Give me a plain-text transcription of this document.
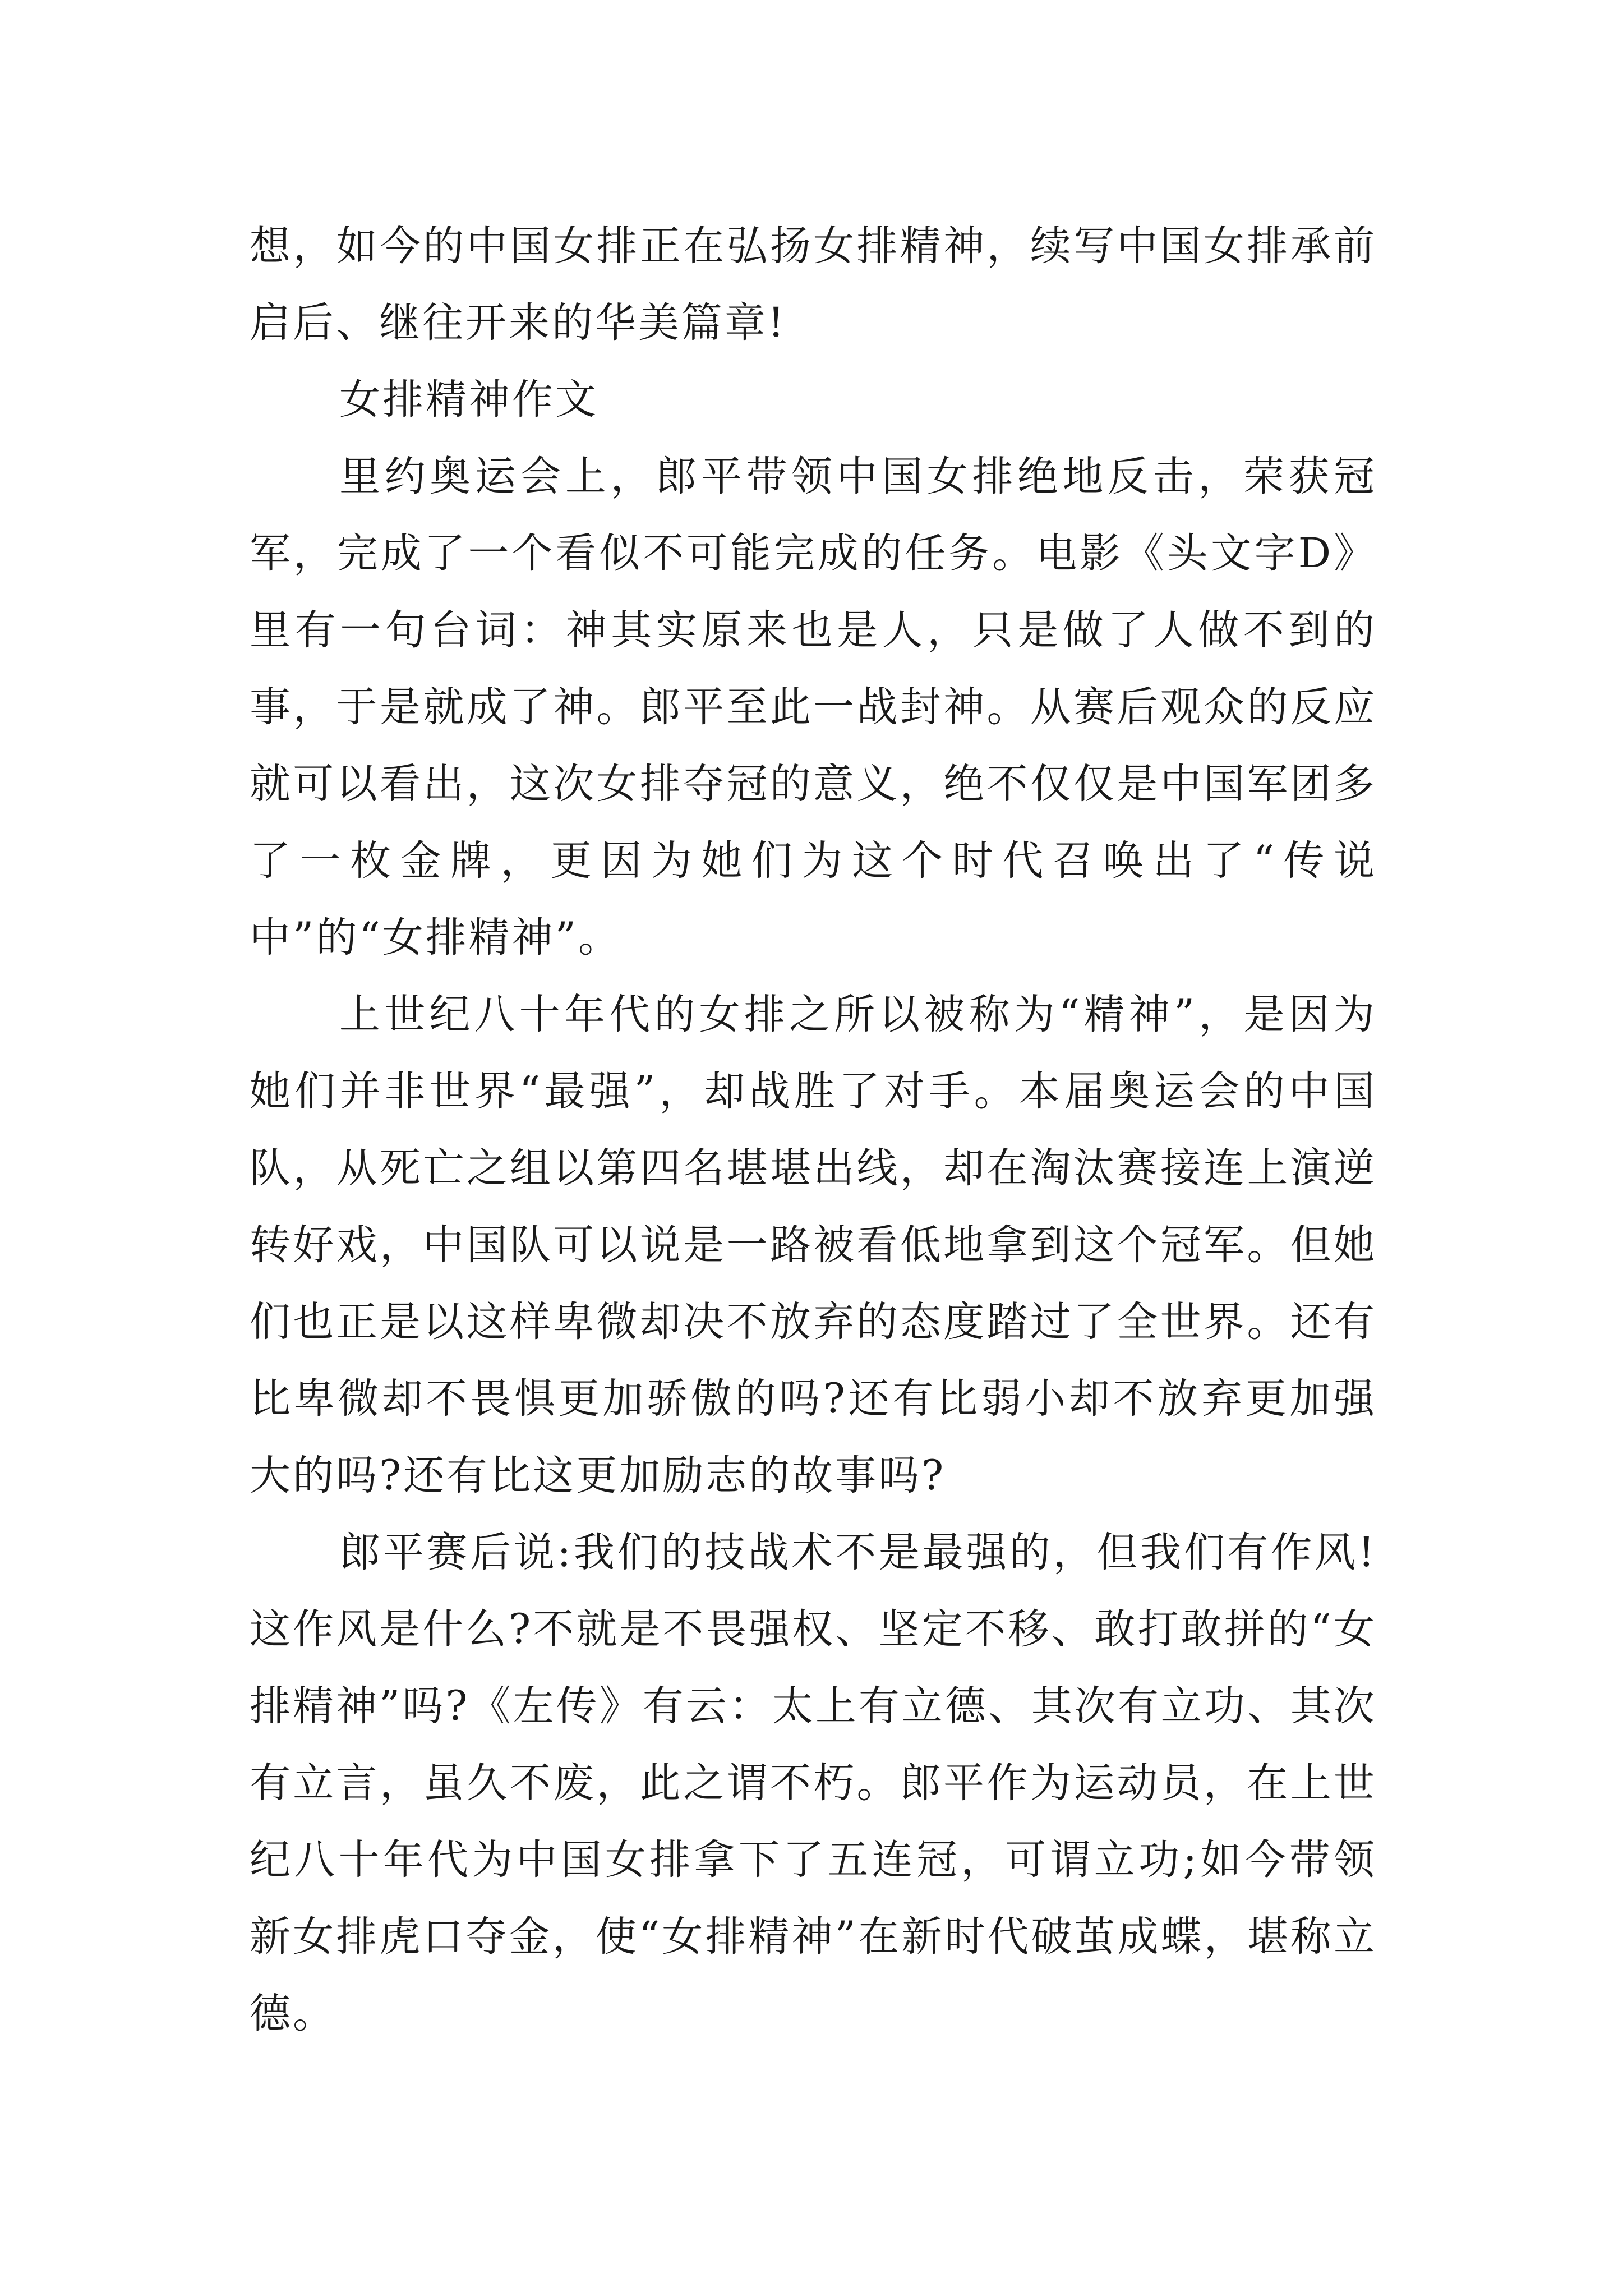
想，如今的中国女排正在弘扬女排精神，续写中国女排承前启后、继往开来的华美篇章!

女排精神作文

里约奥运会上，郎平带领中国女排绝地反击，荣获冠军，完成了一个看似不可能完成的任务。电影《头文字D》里有一句台词：神其实原来也是人，只是做了人做不到的事，于是就成了神。郎平至此一战封神。从赛后观众的反应就可以看出，这次女排夺冠的意义，绝不仅仅是中国军团多了一枚金牌，更因为她们为这个时代召唤出了“传说中”的“女排精神”。

上世纪八十年代的女排之所以被称为“精神”，是因为她们并非世界“最强”，却战胜了对手。本届奥运会的中国队，从死亡之组以第四名堪堪出线，却在淘汰赛接连上演逆转好戏，中国队可以说是一路被看低地拿到这个冠军。但她们也正是以这样卑微却决不放弃的态度踏过了全世界。还有比卑微却不畏惧更加骄傲的吗?还有比弱小却不放弃更加强大的吗?还有比这更加励志的故事吗?

郎平赛后说:我们的技战术不是最强的，但我们有作风!这作风是什么?不就是不畏强权、坚定不移、敢打敢拼的“女排精神”吗?《左传》有云：太上有立德、其次有立功、其次有立言，虽久不废，此之谓不朽。郎平作为运动员，在上世纪八十年代为中国女排拿下了五连冠，可谓立功;如今带领新女排虎口夺金，使“女排精神”在新时代破茧成蝶，堪称立德。
